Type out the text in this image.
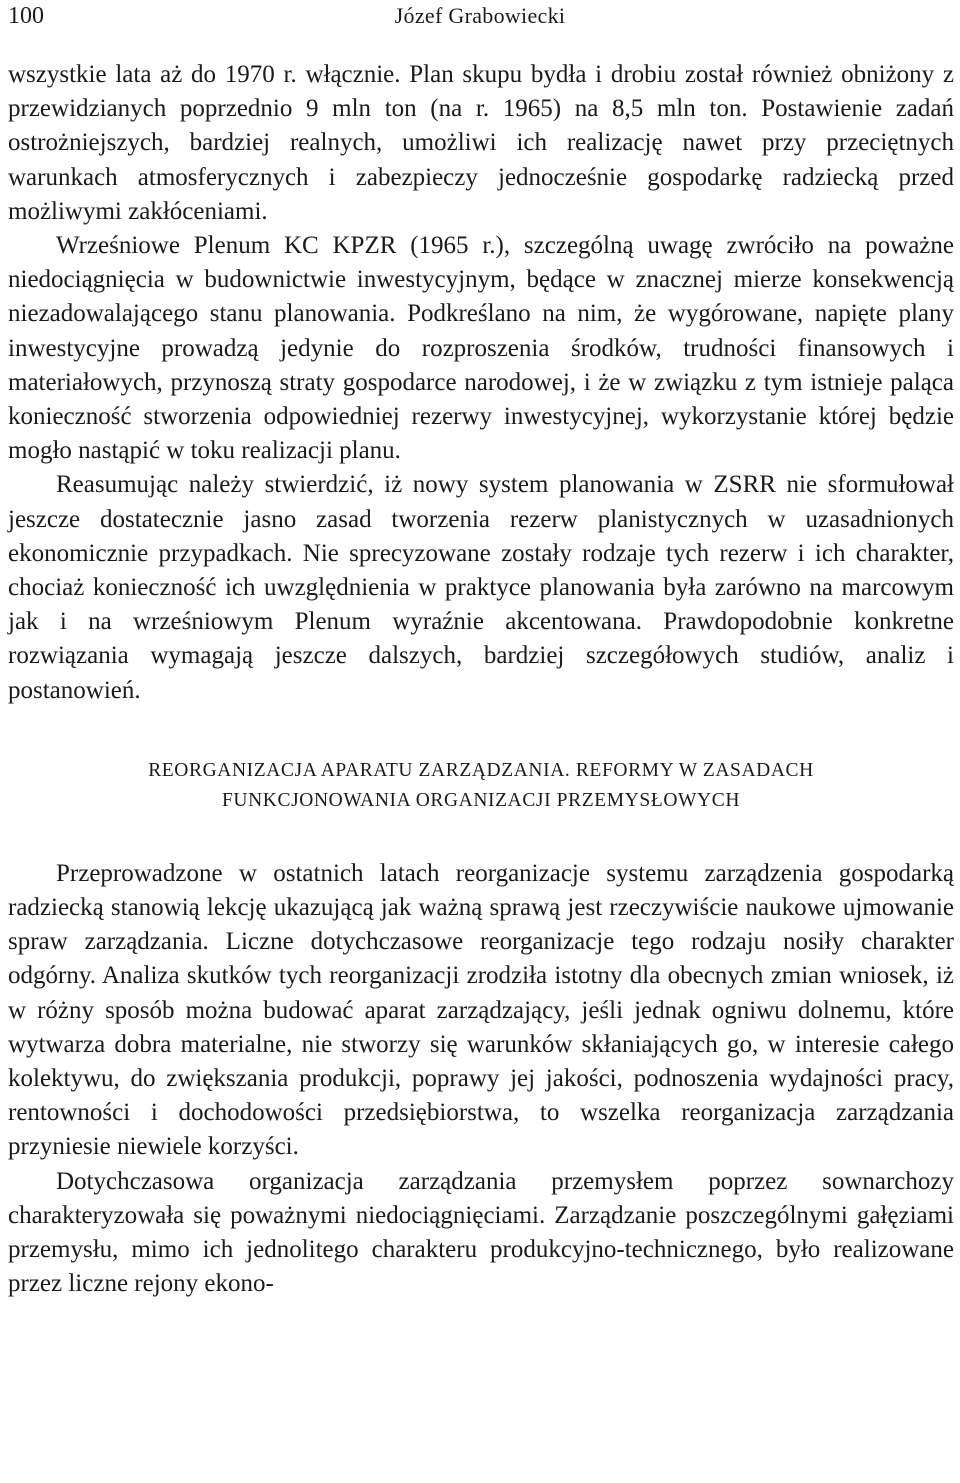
100	Józef Grabowiecki

wszystkie lata aż do 1970 r. włącznie. Plan skupu bydła i drobiu został również obniżony z przewidzianych poprzednio 9 mln ton (na r. 1965) na 8,5 mln ton. Postawienie zadań ostrożniejszych, bardziej realnych, umożliwi ich realizację nawet przy przeciętnych warunkach atmosferycznych i zabezpieczy jednocześnie gospodarkę radziecką przed możliwymi zakłóceniami.

Wrześniowe Plenum KC KPZR (1965 r.), szczególną uwagę zwróciło na poważne niedociągnięcia w budownictwie inwestycyjnym, będące w znacznej mierze konsekwencją niezadowalającego stanu planowania. Podkreślano na nim, że wygórowane, napięte plany inwestycyjne prowadzą jedynie do rozproszenia środków, trudności finansowych i materiałowych, przynoszą straty gospodarce narodowej, i że w związku z tym istnieje paląca konieczność stworzenia odpowiedniej rezerwy inwestycyjnej, wykorzystanie której będzie mogło nastąpić w toku realizacji planu.

Reasumując należy stwierdzić, iż nowy system planowania w ZSRR nie sformułował jeszcze dostatecznie jasno zasad tworzenia rezerw planistycznych w uzasadnionych ekonomicznie przypadkach. Nie sprecyzowane zostały rodzaje tych rezerw i ich charakter, chociaż konieczność ich uwzględnienia w praktyce planowania była zarówno na marcowym jak i na wrześniowym Plenum wyraźnie akcentowana. Prawdopodobnie konkretne rozwiązania wymagają jeszcze dalszych, bardziej szczegółowych studiów, analiz i postanowień.

REORGANIZACJA APARATU ZARZĄDZANIA. REFORMY W ZASADACH
FUNKCJONOWANIA ORGANIZACJI PRZEMYSŁOWYCH

Przeprowadzone w ostatnich latach reorganizacje systemu zarządzenia gospodarką radziecką stanowią lekcję ukazującą jak ważną sprawą jest rzeczywiście naukowe ujmowanie spraw zarządzania. Liczne dotychczasowe reorganizacje tego rodzaju nosiły charakter odgórny. Analiza skutków tych reorganizacji zrodziła istotny dla obecnych zmian wniosek, iż w różny sposób można budować aparat zarządzający, jeśli jednak ogniwu dolnemu, które wytwarza dobra materialne, nie stworzy się warunków skłaniających go, w interesie całego kolektywu, do zwiększania produkcji, poprawy jej jakości, podnoszenia wydajności pracy, rentowności i dochodowości przedsiębiorstwa, to wszelka reorganizacja zarządzania przyniesie niewiele korzyści.

Dotychczasowa organizacja zarządzania przemysłem poprzez sownarchozy charakteryzowała się poważnymi niedociągnięciami. Zarządzanie poszczególnymi gałęziami przemysłu, mimo ich jednolitego charakteru produkcyjno-technicznego, było realizowane przez liczne rejony ekono-
